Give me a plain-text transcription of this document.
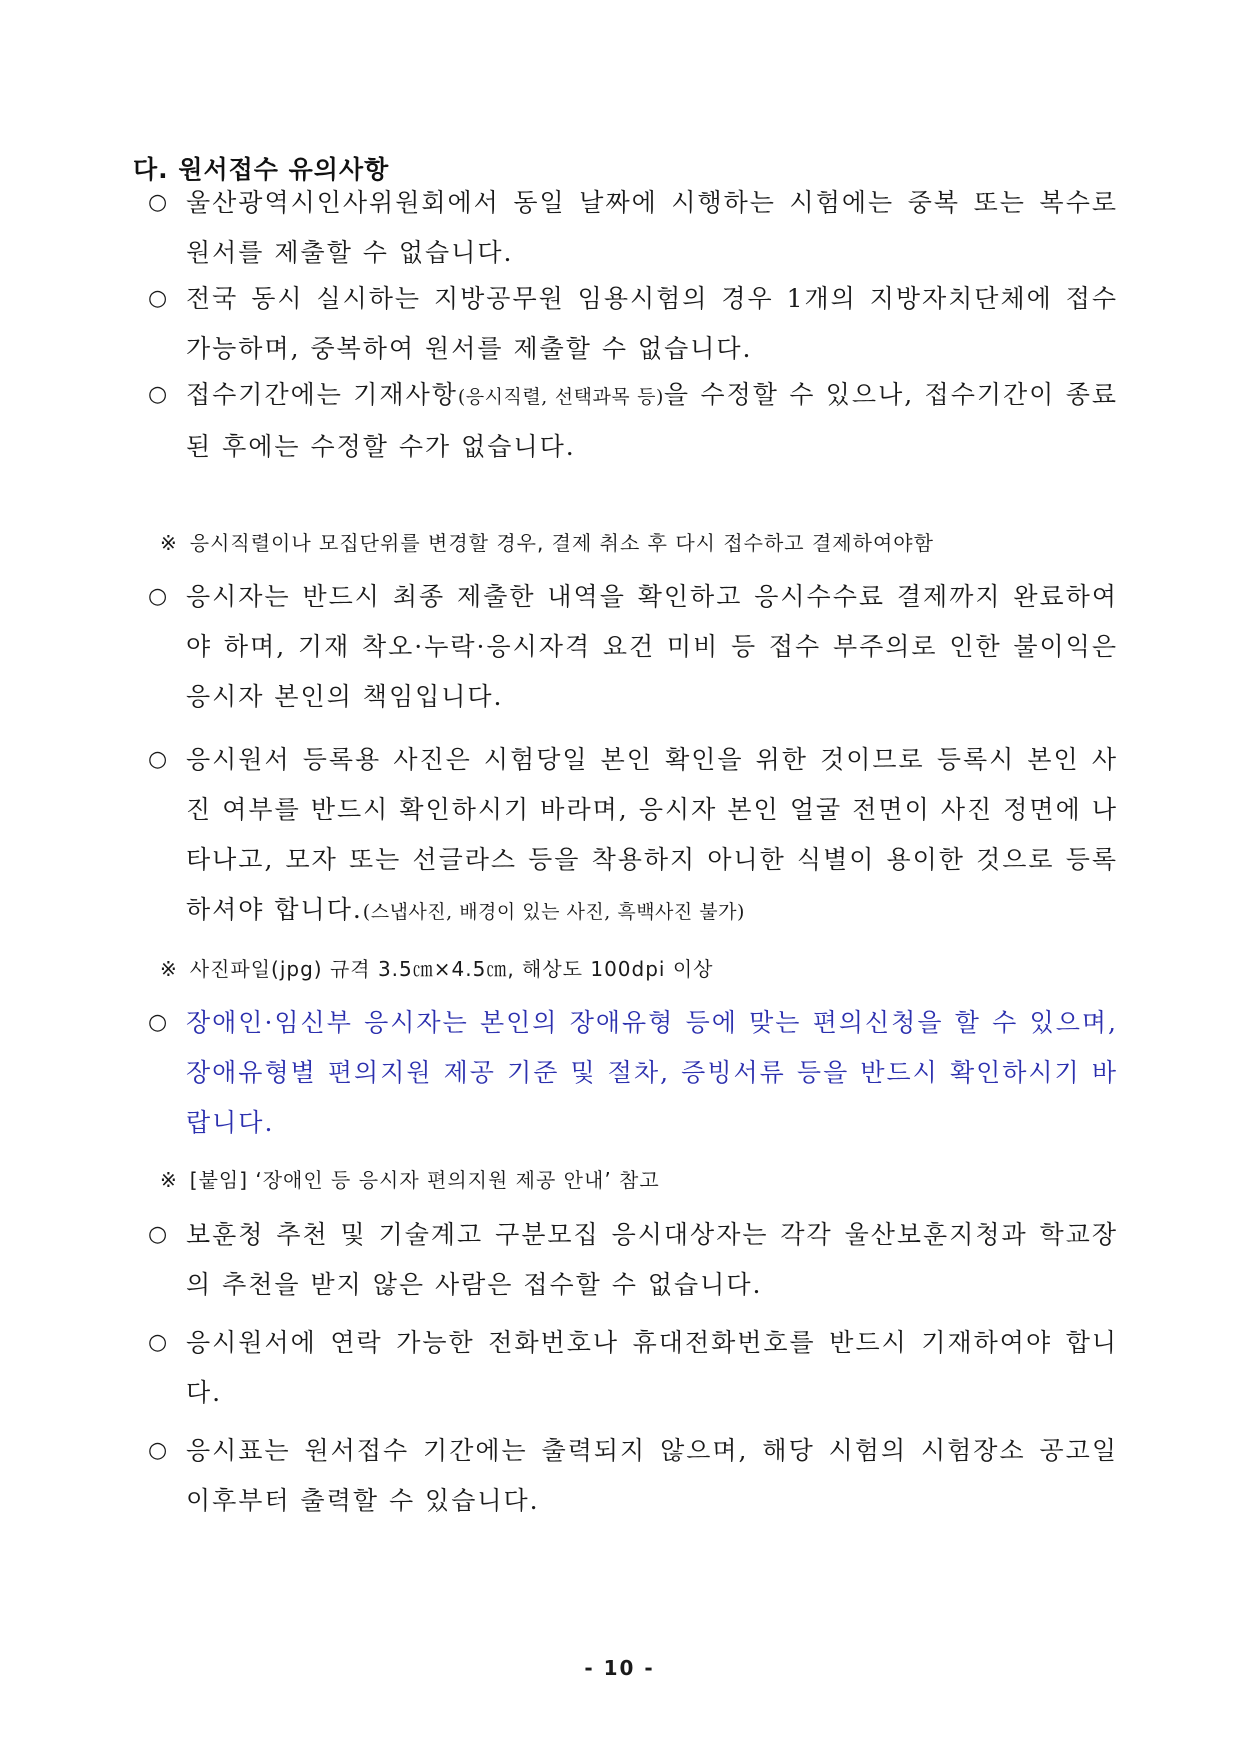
다. 원서접수 유의사항
○ 울산광역시인사위원회에서 동일 날짜에 시행하는 시험에는 중복 또는 복수로 원서를 제출할 수 없습니다.
○ 전국 동시 실시하는 지방공무원 임용시험의 경우 1개의 지방자치단체에 접수 가능하며, 중복하여 원서를 제출할 수 없습니다.
○ 접수기간에는 기재사항(응시직렬, 선택과목 등)을 수정할 수 있으나, 접수기간이 종료된 후에는 수정할 수가 없습니다.
※ 응시직렬이나 모집단위를 변경할 경우, 결제 취소 후 다시 접수하고 결제하여야함
○ 응시자는 반드시 최종 제출한 내역을 확인하고 응시수수료 결제까지 완료하여야 하며, 기재 착오·누락·응시자격 요건 미비 등 접수 부주의로 인한 불이익은 응시자 본인의 책임입니다.
○ 응시원서 등록용 사진은 시험당일 본인 확인을 위한 것이므로 등록시 본인 사진 여부를 반드시 확인하시기 바라며, 응시자 본인 얼굴 전면이 사진 정면에 나타나고, 모자 또는 선글라스 등을 착용하지 아니한 식별이 용이한 것으로 등록하셔야 합니다.(스냅사진, 배경이 있는 사진, 흑백사진 불가)
※ 사진파일(jpg) 규격 3.5㎝×4.5㎝, 해상도 100dpi 이상
○ 장애인·임신부 응시자는 본인의 장애유형 등에 맞는 편의신청을 할 수 있으며, 장애유형별 편의지원 제공 기준 및 절차, 증빙서류 등을 반드시 확인하시기 바랍니다.
※ [붙임] ‘장애인 등 응시자 편의지원 제공 안내’ 참고
○ 보훈청 추천 및 기술계고 구분모집 응시대상자는 각각 울산보훈지청과 학교장의 추천을 받지 않은 사람은 접수할 수 없습니다.
○ 응시원서에 연락 가능한 전화번호나 휴대전화번호를 반드시 기재하여야 합니다.
○ 응시표는 원서접수 기간에는 출력되지 않으며, 해당 시험의 시험장소 공고일 이후부터 출력할 수 있습니다.
- 10 -
